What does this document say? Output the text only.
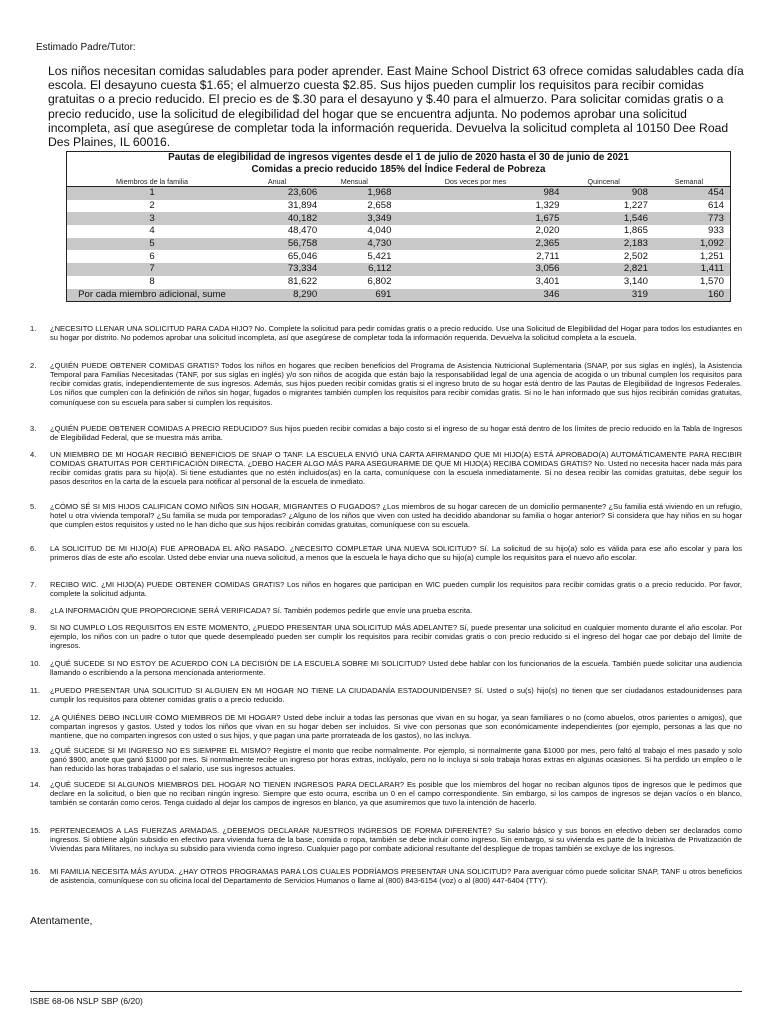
Estimado Padre/Tutor:
Los niños necesitan comidas saludables para poder aprender. East Maine School District 63 ofrece comidas saludables cada día escola. El desayuno cuesta $1.65; el almuerzo cuesta $2.85. Sus hijos pueden cumplir los requisitos para recibir comidas gratuitas o a precio reducido. El precio es de $.30 para el desayuno y $.40 para el almuerzo. Para solicitar comidas gratis o a precio reducido, use la solicitud de elegibilidad del hogar que se encuentra adjunta. No podemos aprobar una solicitud incompleta, así que asegúrese de completar toda la información requerida. Devuelva la solicitud completa al 10150 Dee Road Des Plaines, IL 60016.
Pautas de elegibilidad de ingresos vigentes desde el 1 de julio de 2020 hasta el 30 de junio de 2021
Comidas a precio reducido 185% del Índice Federal de Pobreza
Miembros de la familia	Anual	Mensual	Dos veces por mes	Quincenal	Semanal
1	23,606	1,968	984	908	454
2	31,894	2,658	1,329	1,227	614
3	40,182	3,349	1,675	1,546	773
4	48,470	4,040	2,020	1,865	933
5	56,758	4,730	2,365	2,183	1,092
6	65,046	5,421	2,711	2,502	1,251
7	73,334	6,112	3,056	2,821	1,411
8	81,622	6,802	3,401	3,140	1,570
Por cada miembro adicional, sume	8,290	691	346	319	160
1.	¿NECESITO LLENAR UNA SOLICITUD PARA CADA HIJO? No. Complete la solicitud para pedir comidas gratis o a precio reducido. Use una Solicitud de Elegibilidad del Hogar para todos los estudiantes en su hogar por distrito. No podemos aprobar una solicitud incompleta, así que asegúrese de completar toda la información requerida. Devuelva la solicitud completa a la escuela.
2.	¿QUIÉN PUEDE OBTENER COMIDAS GRATIS? Todos los niños en hogares que reciben beneficios del Programa de Asistencia Nutricional Suplementaria (SNAP, por sus siglas en inglés), la Asistencia Temporal para Familias Necesitadas (TANF, por sus siglas en inglés) y/o son niños de acogida que están bajo la responsabilidad legal de una agencia de acogida o un tribunal cumplen los requisitos para recibir comidas gratis, independientemente de sus ingresos. Además, sus hijos pueden recibir comidas gratis si el ingreso bruto de su hogar está dentro de las Pautas de Elegibilidad de Ingresos Federales. Los niños que cumplen con la definición de niños sin hogar, fugados o migrantes también cumplen los requisitos para recibir comidas gratis. Si no le han informado que sus hijos recibirán comidas gratuitas, comuníquese con su escuela para saber si cumplen los requisitos.
3.	¿QUIÉN PUEDE OBTENER COMIDAS A PRECIO REDUCIDO? Sus hijos pueden recibir comidas a bajo costo si el ingreso de su hogar está dentro de los límites de precio reducido en la Tabla de Ingresos de Elegibilidad Federal, que se muestra más arriba.
4.	UN MIEMBRO DE MI HOGAR RECIBIÓ BENEFICIOS DE SNAP O TANF. LA ESCUELA ENVIÓ UNA CARTA AFIRMANDO QUE MI HIJO(A) ESTÁ APROBADO(A) AUTOMÁTICAMENTE PARA RECIBIR COMIDAS GRATUITAS POR CERTIFICACIÓN DIRECTA. ¿DEBO HACER ALGO MÁS PARA ASEGURARME DE QUE MI HIJO(A) RECIBA COMIDAS GRATIS? No. Usted no necesita hacer nada más para recibir comidas gratis para su hijo(a). Si tiene estudiantes que no estén incluidos(as) en la carta, comuníquese con la escuela inmediatamente. Si no desea recibir las comidas gratuitas, debe seguir los pasos descritos en la carta de la escuela para notificar al personal de la escuela de inmediato.
5.	¿CÓMO SÉ SI MIS HIJOS CALIFICAN COMO NIÑOS SIN HOGAR, MIGRANTES O FUGADOS? ¿Los miembros de su hogar carecen de un domicilio permanente? ¿Su familia está viviendo en un refugio, hotel u otra vivienda temporal? ¿Su familia se muda por temporadas? ¿Alguno de los niños que viven con usted ha decidido abandonar su familia o hogar anterior? Si considera que hay niños en su hogar que cumplen estos requisitos y usted no le han dicho que sus hijos recibirán comidas gratuitas, comuníquese con su escuela.
6.	LA SOLICITUD DE MI HIJO(A) FUE APROBADA EL AÑO PASADO. ¿NECESITO COMPLETAR UNA NUEVA SOLICITUD? Sí. La solicitud de su hijo(a) solo es válida para ese año escolar y para los primeros días de este año escolar. Usted debe enviar una nueva solicitud, a menos que la escuela le haya dicho que su hijo(a) cumple los requisitos para el nuevo año escolar.
7.	RECIBO WIC. ¿MI HIJO(A) PUEDE OBTENER COMIDAS GRATIS? Los niños en hogares que participan en WIC pueden cumplir los requisitos para recibir comidas gratis o a precio reducido. Por favor, complete la solicitud adjunta.
8.	¿LA INFORMACIÓN QUE PROPORCIONE SERÁ VERIFICADA? Sí. También podemos pedirle que envíe una prueba escrita.
9.	SI NO CUMPLO LOS REQUISITOS EN ESTE MOMENTO, ¿PUEDO PRESENTAR UNA SOLICITUD MÁS ADELANTE? Sí, puede presentar una solicitud en cualquier momento durante el año escolar. Por ejemplo, los niños con un padre o tutor que quede desempleado pueden ser cumplir los requisitos para recibir comidas gratis o con precio reducido si el ingreso del hogar cae por debajo del límite de ingresos.
10.	¿QUÉ SUCEDE SI NO ESTOY DE ACUERDO CON LA DECISIÓN DE LA ESCUELA SOBRE MI SOLICITUD? Usted debe hablar con los funcionarios de la escuela. También puede solicitar una audiencia llamando o escribiendo a la persona mencionada anteriormente.
11.	¿PUEDO PRESENTAR UNA SOLICITUD SI ALGUIEN EN MI HOGAR NO TIENE LA CIUDADANÍA ESTADOUNIDENSE? Sí. Usted o su(s) hijo(s) no tienen que ser ciudadanos estadounidenses para cumplir los requisitos para obtener comidas gratis o a precio reducido.
12.	¿A QUIÉNES DEBO INCLUIR COMO MIEMBROS DE MI HOGAR? Usted debe incluir a todas las personas que vivan en su hogar, ya sean familiares o no (como abuelos, otros parientes o amigos), que compartan ingresos y gastos. Usted y todos los niños que vivan en su hogar deben ser incluidos. Si vive con personas que son económicamente independientes (por ejemplo, personas a las que no mantiene, que no comparten ingresos con usted o sus hijos, y que pagan una parte prorrateada de los gastos), no las incluya.
13.	¿QUÉ SUCEDE SI MI INGRESO NO ES SIEMPRE EL MISMO? Registre el monto que recibe normalmente. Por ejemplo, si normalmente gana $1000 por mes, pero faltó al trabajo el mes pasado y solo ganó $900, anote que ganó $1000 por mes. Si normalmente recibe un ingreso por horas extras, inclúyalo, pero no lo incluya si solo trabaja horas extras en algunas ocasiones. Si ha perdido un empleo o le han reducido las horas trabajadas o el salario, use sus ingresos actuales.
14.	¿QUÉ SUCEDE SI ALGUNOS MIEMBROS DEL HOGAR NO TIENEN INGRESOS PARA DECLARAR? Es posible que los miembros del hogar no reciban algunos tipos de ingresos que le pedimos que declare en la solicitud, o bien que no reciban ningún ingreso. Siempre que esto ocurra, escriba un 0 en el campo correspondiente. Sin embargo, si los campos de ingresos se dejan vacíos o en blanco, también se contarán como ceros. Tenga cuidado al dejar los campos de ingresos en blanco, ya que asumiremos que tuvo la intención de hacerlo.
15.	PERTENECEMOS A LAS FUERZAS ARMADAS. ¿DEBEMOS DECLARAR NUESTROS INGRESOS DE FORMA DIFERENTE? Su salario básico y sus bonos en efectivo deben ser declarados como ingresos. Si obtiene algún subsidio en efectivo para vivienda fuera de la base, comida o ropa, también se debe incluir como ingreso. Sin embargo, si su vivienda es parte de la Iniciativa de Privatización de Viviendas para Militares, no incluya su subsidio para vivienda como ingreso. Cualquier pago por combate adicional resultante del despliegue de tropas también se excluye de los ingresos.
16.	MI FAMILIA NECESITA MÁS AYUDA. ¿HAY OTROS PROGRAMAS PARA LOS CUALES PODRÍAMOS PRESENTAR UNA SOLICITUD? Para averiguar cómo puede solicitar SNAP, TANF u otros beneficios de asistencia, comuníquese con su oficina local del Departamento de Servicios Humanos o llame al (800) 843-6154 (voz) o al (800) 447-6404 (TTY).
Atentamente,
ISBE 68-06 NSLP SBP (6/20)
